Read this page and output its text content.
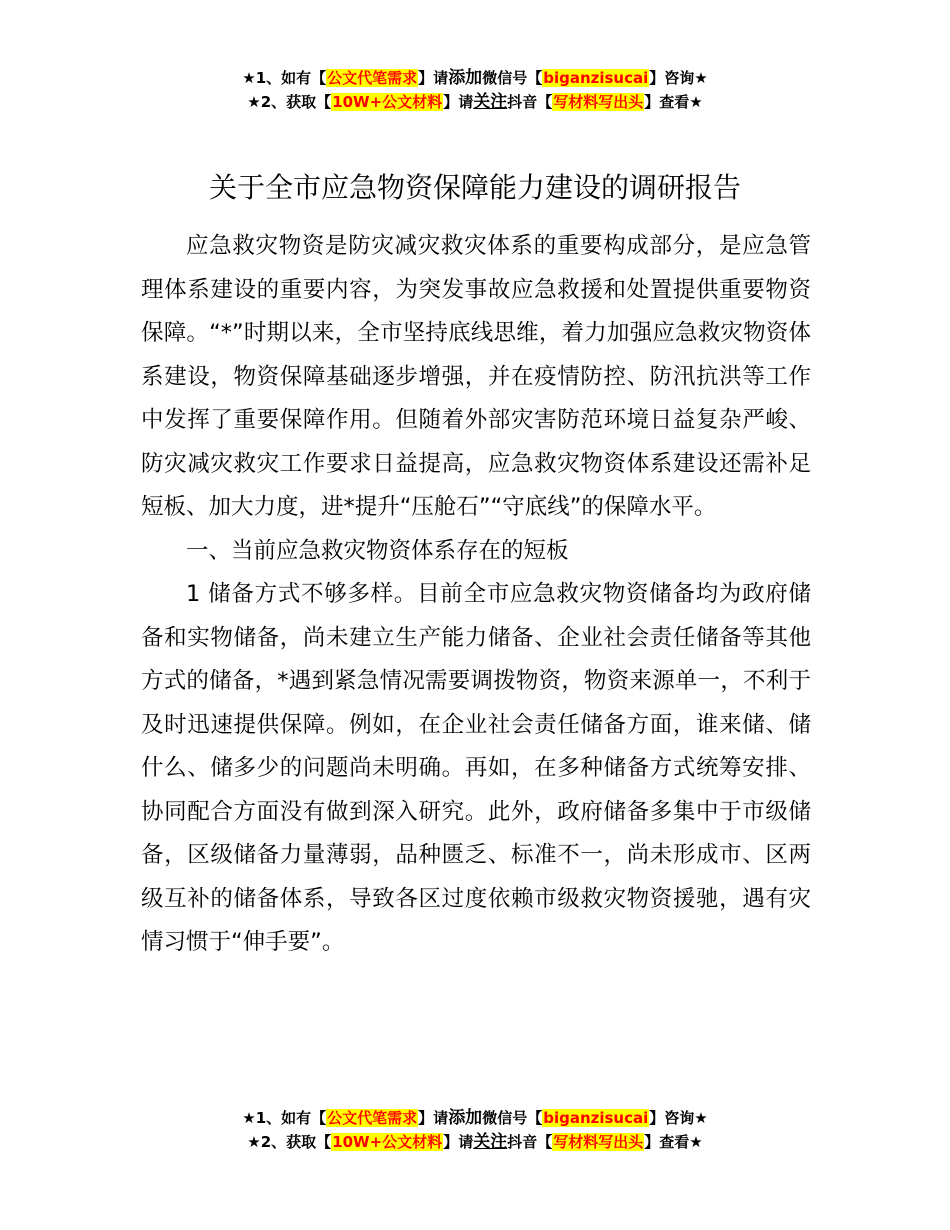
★1、如有【公文代笔需求】请添加微信号【biganzisucai】咨询★
★2、获取【10W+公文材料】请关注抖音【写材料写出头】查看★
关于全市应急物资保障能力建设的调研报告

应急救灾物资是防灾减灾救灾体系的重要构成部分，是应急管理体系建设的重要内容，为突发事故应急救援和处置提供重要物资保障。“*”时期以来，全市坚持底线思维，着力加强应急救灾物资体系建设，物资保障基础逐步增强，并在疫情防控、防汛抗洪等工作中发挥了重要保障作用。但随着外部灾害防范环境日益复杂严峻、防灾减灾救灾工作要求日益提高，应急救灾物资体系建设还需补足短板、加大力度，进*提升“压舱石”“守底线”的保障水平。

一、当前应急救灾物资体系存在的短板

1 储备方式不够多样。目前全市应急救灾物资储备均为政府储备和实物储备，尚未建立生产能力储备、企业社会责任储备等其他方式的储备，*遇到紧急情况需要调拨物资，物资来源单一，不利于及时迅速提供保障。例如，在企业社会责任储备方面，谁来储、储什么、储多少的问题尚未明确。再如，在多种储备方式统筹安排、协同配合方面没有做到深入研究。此外，政府储备多集中于市级储备，区级储备力量薄弱，品种匮乏、标准不一，尚未形成市、区两级互补的储备体系，导致各区过度依赖市级救灾物资援驰，遇有灾情习惯于“伸手要”。

★1、如有【公文代笔需求】请添加微信号【biganzisucai】咨询★
★2、获取【10W+公文材料】请关注抖音【写材料写出头】查看★
